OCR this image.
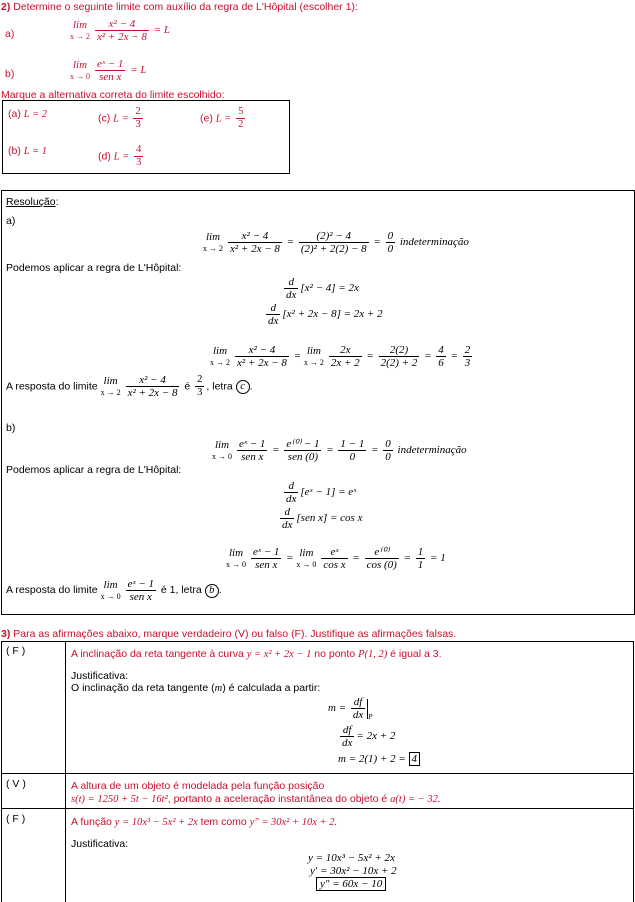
2) Determine o seguinte limite com auxílio da regra de L'Hôpital (escolher 1):
a)
lim
$x \to 2 \frac{\text{x² − 4}}{\text{x² + 2x − 8}} = L$
b)
lim
$x \to 0 \frac{\text{eˣ − 1}}{\text{sen x}} = L$
Marque a alternativa correta do limite escolhido:
(a) L = 2	(c) $L = \frac{2}{3}$	(e) $L = \frac{5}{2}$
(b) L = 1	(d) $L = \frac{4}{3}$
Resolução:
a)
lim
$x \to 2 \frac{\text{x² − 4}}{\text{x² + 2x − 8}} = \frac{\text{(2)² − 4}}{\text{(2)² + 2(2) − 8}} = \frac{0}{0}$ indeterminação
Podemos aplicar a regra de L'Hôpital:
$\frac{d}{dx} [x^2 - 4] = 2x$
$\frac{d}{dx} [x^2 + 2x - 8] = 2x + 2$
lim
$x \to 2 \frac{\text{x² − 4}}{\text{x² + 2x − 8}} = \lim$
$x \to 2 \frac{2x}{2x + 2} = \frac{2(2)}{2(2) + 2} = \frac{4}{6} = \frac{2}{3}$
A resposta do limite lim
$x \to 2 \frac{\text{x² − 4}}{\text{x² + 2x − 8}}$ é $\frac{2}{3}$ , letra c .
b)
lim
$x \to 0 \frac{\text{eˣ − 1}}{\text{sen x}} = \frac{\text{e⁽⁰⁾ − 1}}{\text{sen (0)}} = \frac{1 - 1}{0} = \frac{0}{0}$ indeterminação
Podemos aplicar a regra de L'Hôpital:
$\frac{d}{dx}$ [eˣ − 1] = eˣ
$\frac{d}{dx} [sen$ x] = cos x
lim
$x \to 0 \frac{\text{eˣ − 1}}{\text{sen x}} = \lim$
$x \to 0 \frac{\text{eˣ}}{\text{cos x}} = \frac{\text{e⁽⁰⁾}}{\cos (0)} = \frac{1}{1} = 1$
A resposta do limite lim
$x \to 0 \frac{\text{eˣ − 1}}{\text{sen x}}$ é 1, letra b .
3) Para as afirmações abaixo, marque verdadeiro (V) ou falso (F). Justifique as afirmações falsas.
( F )	A inclinação da reta tangente à curva y = x² + 2x − 1 no ponto P(1, 2) é igual a 3.
Justificativa:
O inclinação da reta tangente (m) é calculada a partir:
$m = \frac{df}{dx} _P$
$\frac{df}{dx} = 2x + 2$
m = 2(1) + 2 = 4
( V )	A altura de um objeto é modelada pela função posição
s(t) = 1250 + 5t − 16t², portanto a aceleração instantânea do objeto é a(t) = − 32.
( F )	A função y = 10x³ − 5x² + 2x tem como y″ = 30x² + 10x + 2.
Justificativa:
y = 10x³ − 5x² + 2x
y′ = 30x² − 10x + 2
y″ = 60x − 10
